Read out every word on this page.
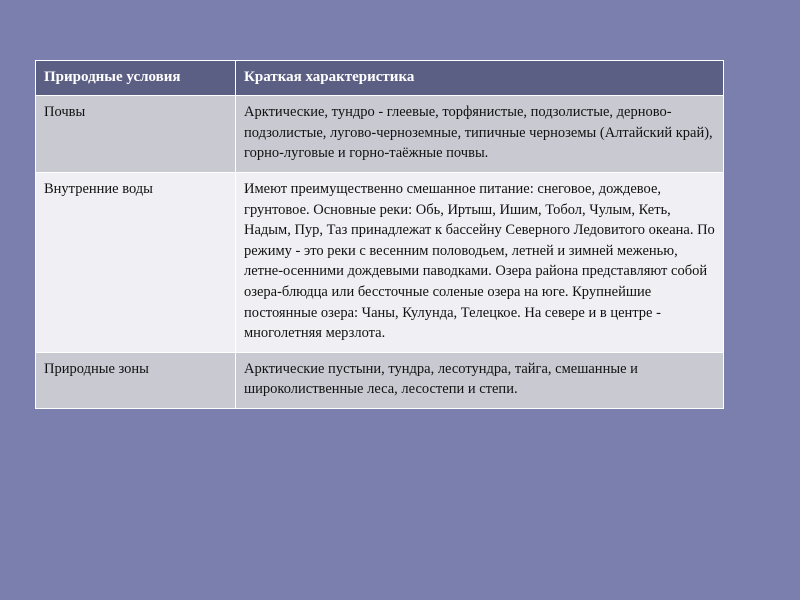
Природные условия	Краткая характеристика
Почвы	Арктические, тундро - глеевые, торфянистые, подзолистые, дерново-подзолистые, лугово-черноземные, типичные черноземы (Алтайский край), горно-луговые и горно-таёжные почвы.
Внутренние воды	Имеют преимущественно смешанное питание: снеговое, дождевое, грунтовое. Основные реки: Обь, Иртыш, Ишим, Тобол, Чулым, Кеть, Надым, Пур, Таз принадлежат к бассейну Северного Ледовитого океана. По режиму - это реки с весенним половодьем, летней и зимней меженью, летне-осенними дождевыми паводками. Озера района представляют собой озера-блюдца или бессточные соленые озера на юге. Крупнейшие постоянные озера: Чаны, Кулунда, Телецкое. На севере и в центре - многолетняя мерзлота.
Природные зоны	Арктические пустыни, тундра, лесотундра, тайга, смешанные и широколиственные леса, лесостепи и степи.
